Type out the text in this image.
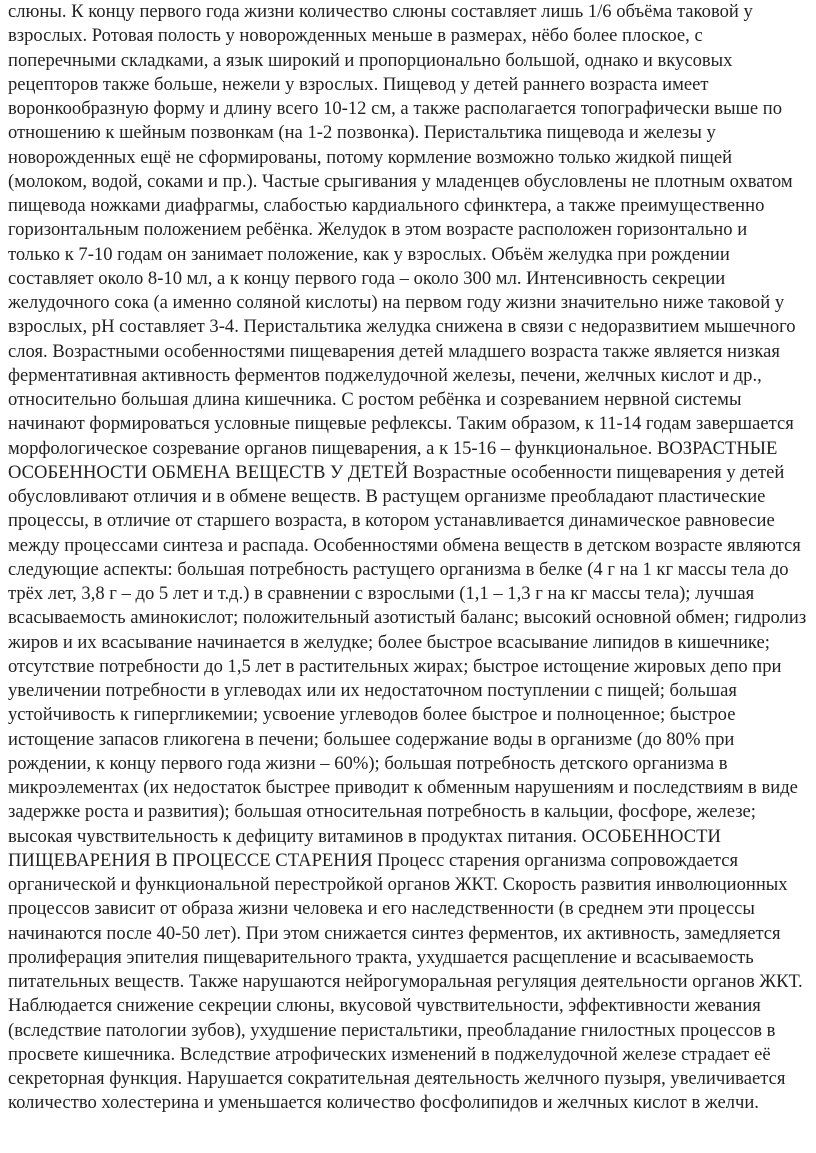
слюны. К концу первого года жизни количество слюны составляет лишь 1/6 объёма таковой у
взрослых. Ротовая полость у новорожденных меньше в размерах, нёбо более плоское, с
поперечными складками, а язык широкий и пропорционально большой, однако и вкусовых
рецепторов также больше, нежели у взрослых. Пищевод у детей раннего возраста имеет
воронкообразную форму и длину всего 10-12 см, а также располагается топографически выше по
отношению к шейным позвонкам (на 1-2 позвонка). Перистальтика пищевода и железы у
новорожденных ещё не сформированы, потому кормление возможно только жидкой пищей
(молоком, водой, соками и пр.). Частые срыгивания у младенцев обусловлены не плотным охватом
пищевода ножками диафрагмы, слабостью кардиального сфинктера, а также преимущественно
горизонтальным положением ребёнка. Желудок в этом возрасте расположен горизонтально и
только к 7-10 годам он занимает положение, как у взрослых. Объём желудка при рождении
составляет около 8-10 мл, а к концу первого года – около 300 мл. Интенсивность секреции
желудочного сока (а именно соляной кислоты) на первом году жизни значительно ниже таковой у
взрослых, рН составляет 3-4. Перистальтика желудка снижена в связи с недоразвитием мышечного
слоя. Возрастными особенностями пищеварения детей младшего возраста также является низкая
ферментативная активность ферментов поджелудочной железы, печени, желчных кислот и др.,
относительно большая длина кишечника. С ростом ребёнка и созреванием нервной системы
начинают формироваться условные пищевые рефлексы. Таким образом, к 11-14 годам завершается
морфологическое созревание органов пищеварения, а к 15-16 – функциональное. ВОЗРАСТНЫЕ
ОСОБЕННОСТИ ОБМЕНА ВЕЩЕСТВ У ДЕТЕЙ Возрастные особенности пищеварения у детей
обусловливают отличия и в обмене веществ. В растущем организме преобладают пластические
процессы, в отличие от старшего возраста, в котором устанавливается динамическое равновесие
между процессами синтеза и распада. Особенностями обмена веществ в детском возрасте являются
следующие аспекты: большая потребность растущего организма в белке (4 г на 1 кг массы тела до
трёх лет, 3,8 г – до 5 лет и т.д.) в сравнении с взрослыми (1,1 – 1,3 г на кг массы тела); лучшая
всасываемость аминокислот; положительный азотистый баланс; высокий основной обмен; гидролиз
жиров и их всасывание начинается в желудке; более быстрое всасывание липидов в кишечнике;
отсутствие потребности до 1,5 лет в растительных жирах; быстрое истощение жировых депо при
увеличении потребности в углеводах или их недостаточном поступлении с пищей; большая
устойчивость к гипергликемии; усвоение углеводов более быстрое и полноценное; быстрое
истощение запасов гликогена в печени; большее содержание воды в организме (до 80% при
рождении, к концу первого года жизни – 60%); большая потребность детского организма в
микроэлементах (их недостаток быстрее приводит к обменным нарушениям и последствиям в виде
задержке роста и развития); большая относительная потребность в кальции, фосфоре, железе;
высокая чувствительность к дефициту витаминов в продуктах питания. ОСОБЕННОСТИ
ПИЩЕВАРЕНИЯ В ПРОЦЕССЕ СТАРЕНИЯ Процесс старения организма сопровождается
органической и функциональной перестройкой органов ЖКТ. Скорость развития инволюционных
процессов зависит от образа жизни человека и его наследственности (в среднем эти процессы
начинаются после 40-50 лет). При этом снижается синтез ферментов, их активность, замедляется
пролиферация эпителия пищеварительного тракта, ухудшается расщепление и всасываемость
питательных веществ. Также нарушаются нейрогуморальная регуляция деятельности органов ЖКТ.
Наблюдается снижение секреции слюны, вкусовой чувствительности, эффективности жевания
(вследствие патологии зубов), ухудшение перистальтики, преобладание гнилостных процессов в
просвете кишечника. Вследствие атрофических изменений в поджелудочной железе страдает её
секреторная функция. Нарушается сократительная деятельность желчного пузыря, увеличивается
количество холестерина и уменьшается количество фосфолипидов и желчных кислот в желчи.
